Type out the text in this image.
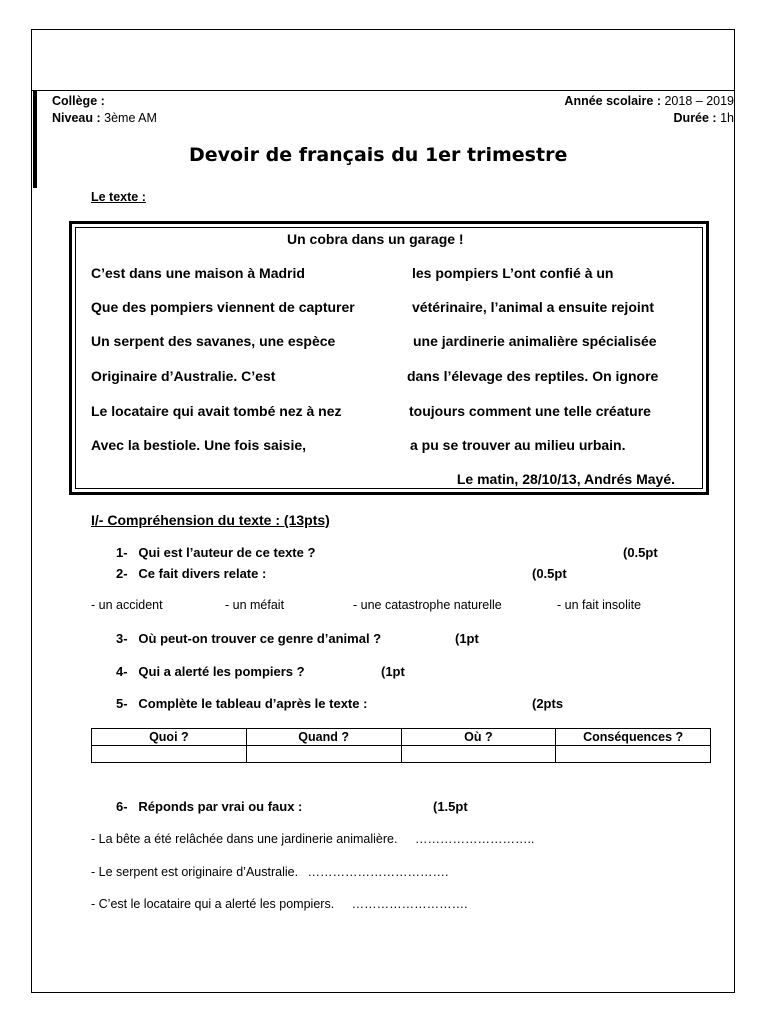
Collège :
Niveau : 3ème AM
Année scolaire : 2018 – 2019
Durée : 1h
Devoir de français du 1er trimestre
Le texte :
Un cobra dans un garage !
C’est dans une maison à Madrid
Que des pompiers viennent de capturer
Un serpent des savanes, une espèce
Originaire d’Australie. C’est
Le locataire qui avait tombé nez à nez
Avec la bestiole. Une fois saisie,
les pompiers L’ont confié à un
vétérinaire, l’animal a ensuite rejoint
une jardinerie animalière spécialisée
dans l’élevage des reptiles. On ignore
toujours comment une telle créature
a pu se trouver au milieu urbain.
Le matin, 28/10/13, Andrés Mayé.
I/- Compréhension du texte : (13pts)
1- Qui est l’auteur de ce texte ?	(0.5pt
2- Ce fait divers relate :	(0.5pt
- un accident	- un méfait	- une catastrophe naturelle	- un fait insolite
3- Où peut-on trouver ce genre d’animal ?	(1pt
4- Qui a alerté les pompiers ?	(1pt
5- Complète le tableau d’après le texte :	(2pts
Quoi ?	Quand ?	Où ?	Conséquences ?

6- Réponds par vrai ou faux :	(1.5pt
- La bête a été relâchée dans une jardinerie animalière. ………………………..
- Le serpent est originaire d’Australie. …………………………….
- C’est le locataire qui a alerté les pompiers. ……………………….
